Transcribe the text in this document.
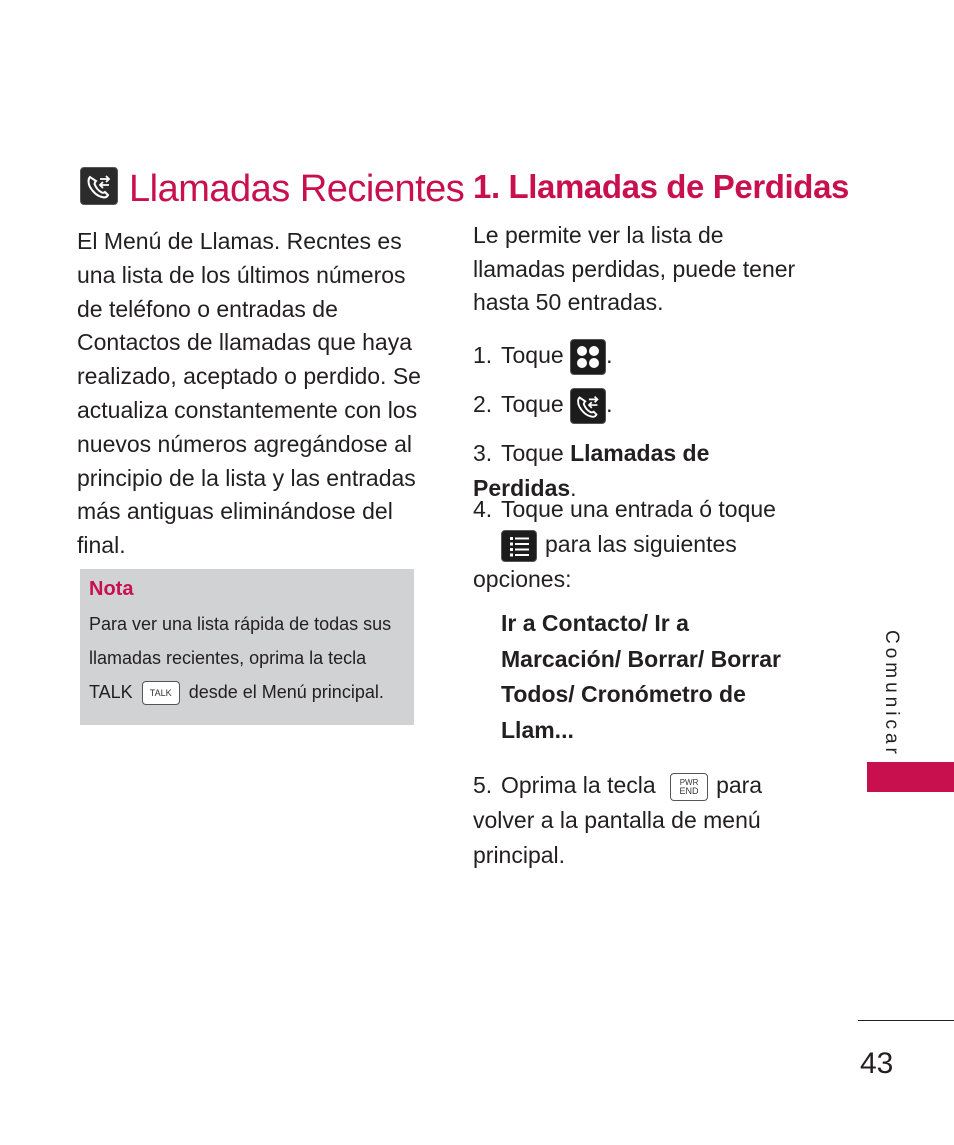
Llamadas Recientes

El Menú de Llamas. Recntes es una lista de los últimos números de teléfono o entradas de Contactos de llamadas que haya realizado, aceptado o perdido. Se actualiza constantemente con los nuevos números agregándose al principio de la lista y las entradas más antiguas eliminándose del final.

Nota

Para ver una lista rápida de todas sus llamadas recientes, oprima la tecla TALK TALK desde el Menú principal.

1. Llamadas de Perdidas

Le permite ver la lista de llamadas perdidas, puede tener hasta 50 entradas.

1. Toque .

2. Toque .

3. Toque Llamadas de Perdidas.

4. Toque una entrada ó toque
para las siguientes opciones:

Ir a Contacto/ Ir a Marcación/ Borrar/ Borrar Todos/ Cronómetro de Llam...

5. Oprima la tecla	PWR
END para volver a la pantalla de menú principal.

Comunicar
43
